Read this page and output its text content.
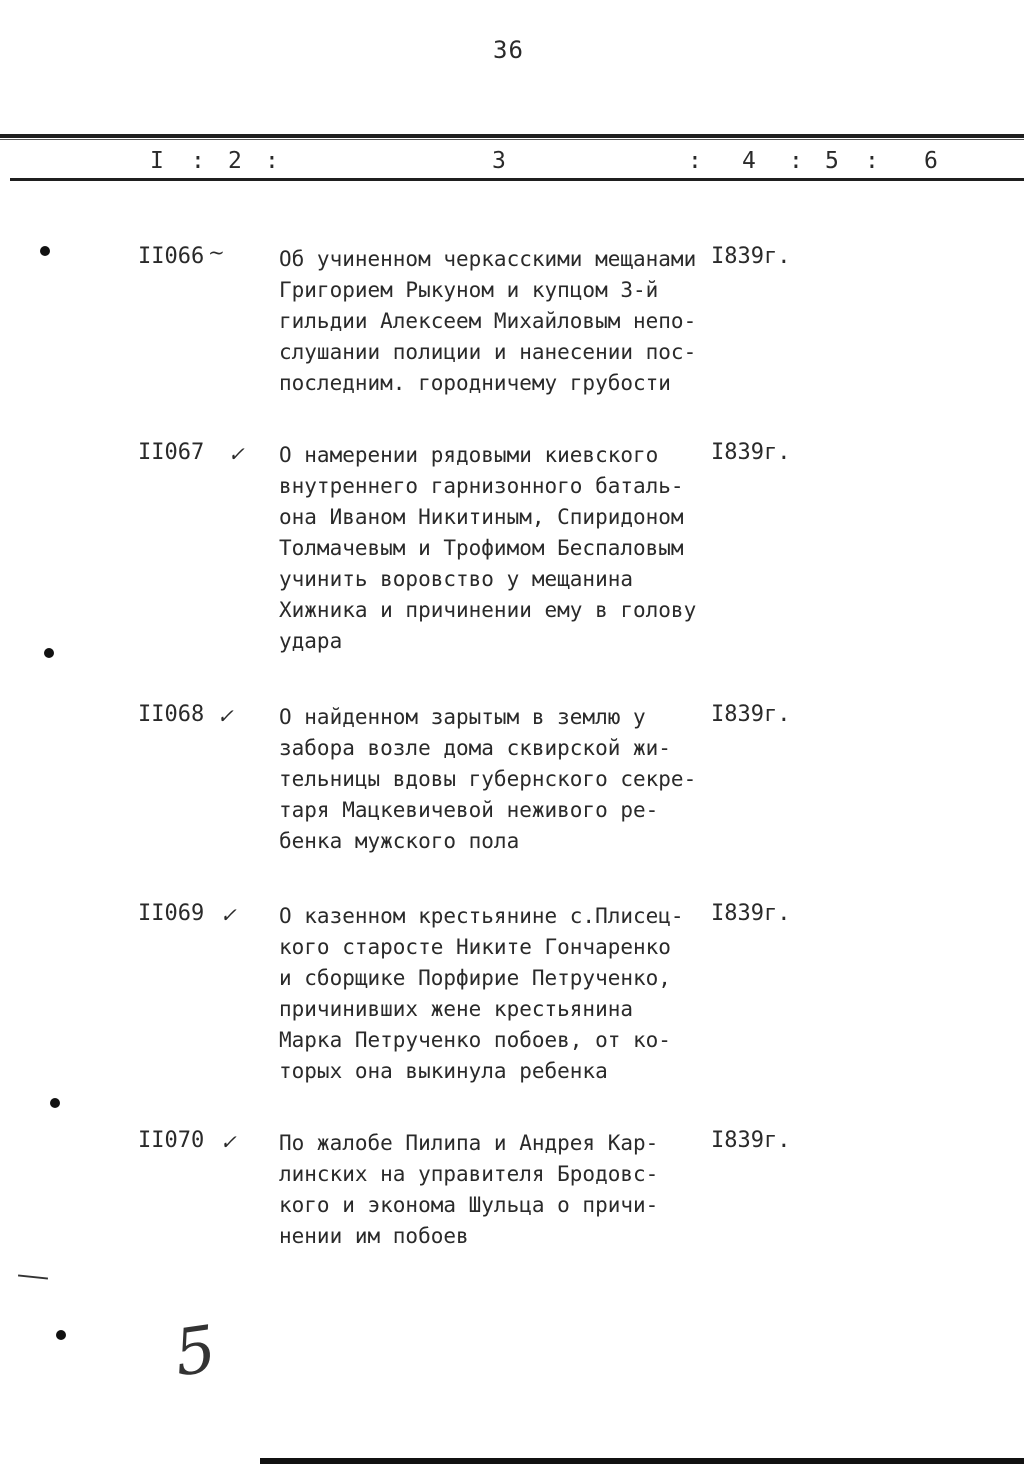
36
I : 2 :	3	: 4 : 5 : 6
II066 ~	Об учиненном черкасскими мещанами
Григорием Рыкуном и купцом 3-й
гильдии Алексеем Михайловым непо-
слушании полиции и нанесении пос-
последним. городничему грубости
I839г.
II067 ✓ О намерении рядовыми киевского
внутреннего гарнизонного баталь-
она Иваном Никитиным, Спиридоном
Толмачевым и Трофимом Беспаловым
учинить воровство у мещанина
Хижника и причинении ему в голову
удара
I839г.
II068 ✓ О найденном зарытым в землю у
забора возле дома сквирской жи-
тельницы вдовы губернского секре-
таря Мацкевичевой неживого ре-
бенка мужского пола
I839г.
II069 ✓ О казенном крестьянине с.Плисец-
кого старосте Никите Гончаренко
и сборщике Порфирие Петрученко,
причинивших жене крестьянина
Марка Петрученко побоев, от ко-
торых она выкинула ребенка
I839г.
II070 ✓ По жалобе Пилипа и Андрея Кар-
линских на управителя Бродовс-
кого и эконома Шульца о причи-
нении им побоев
I839г.
5
